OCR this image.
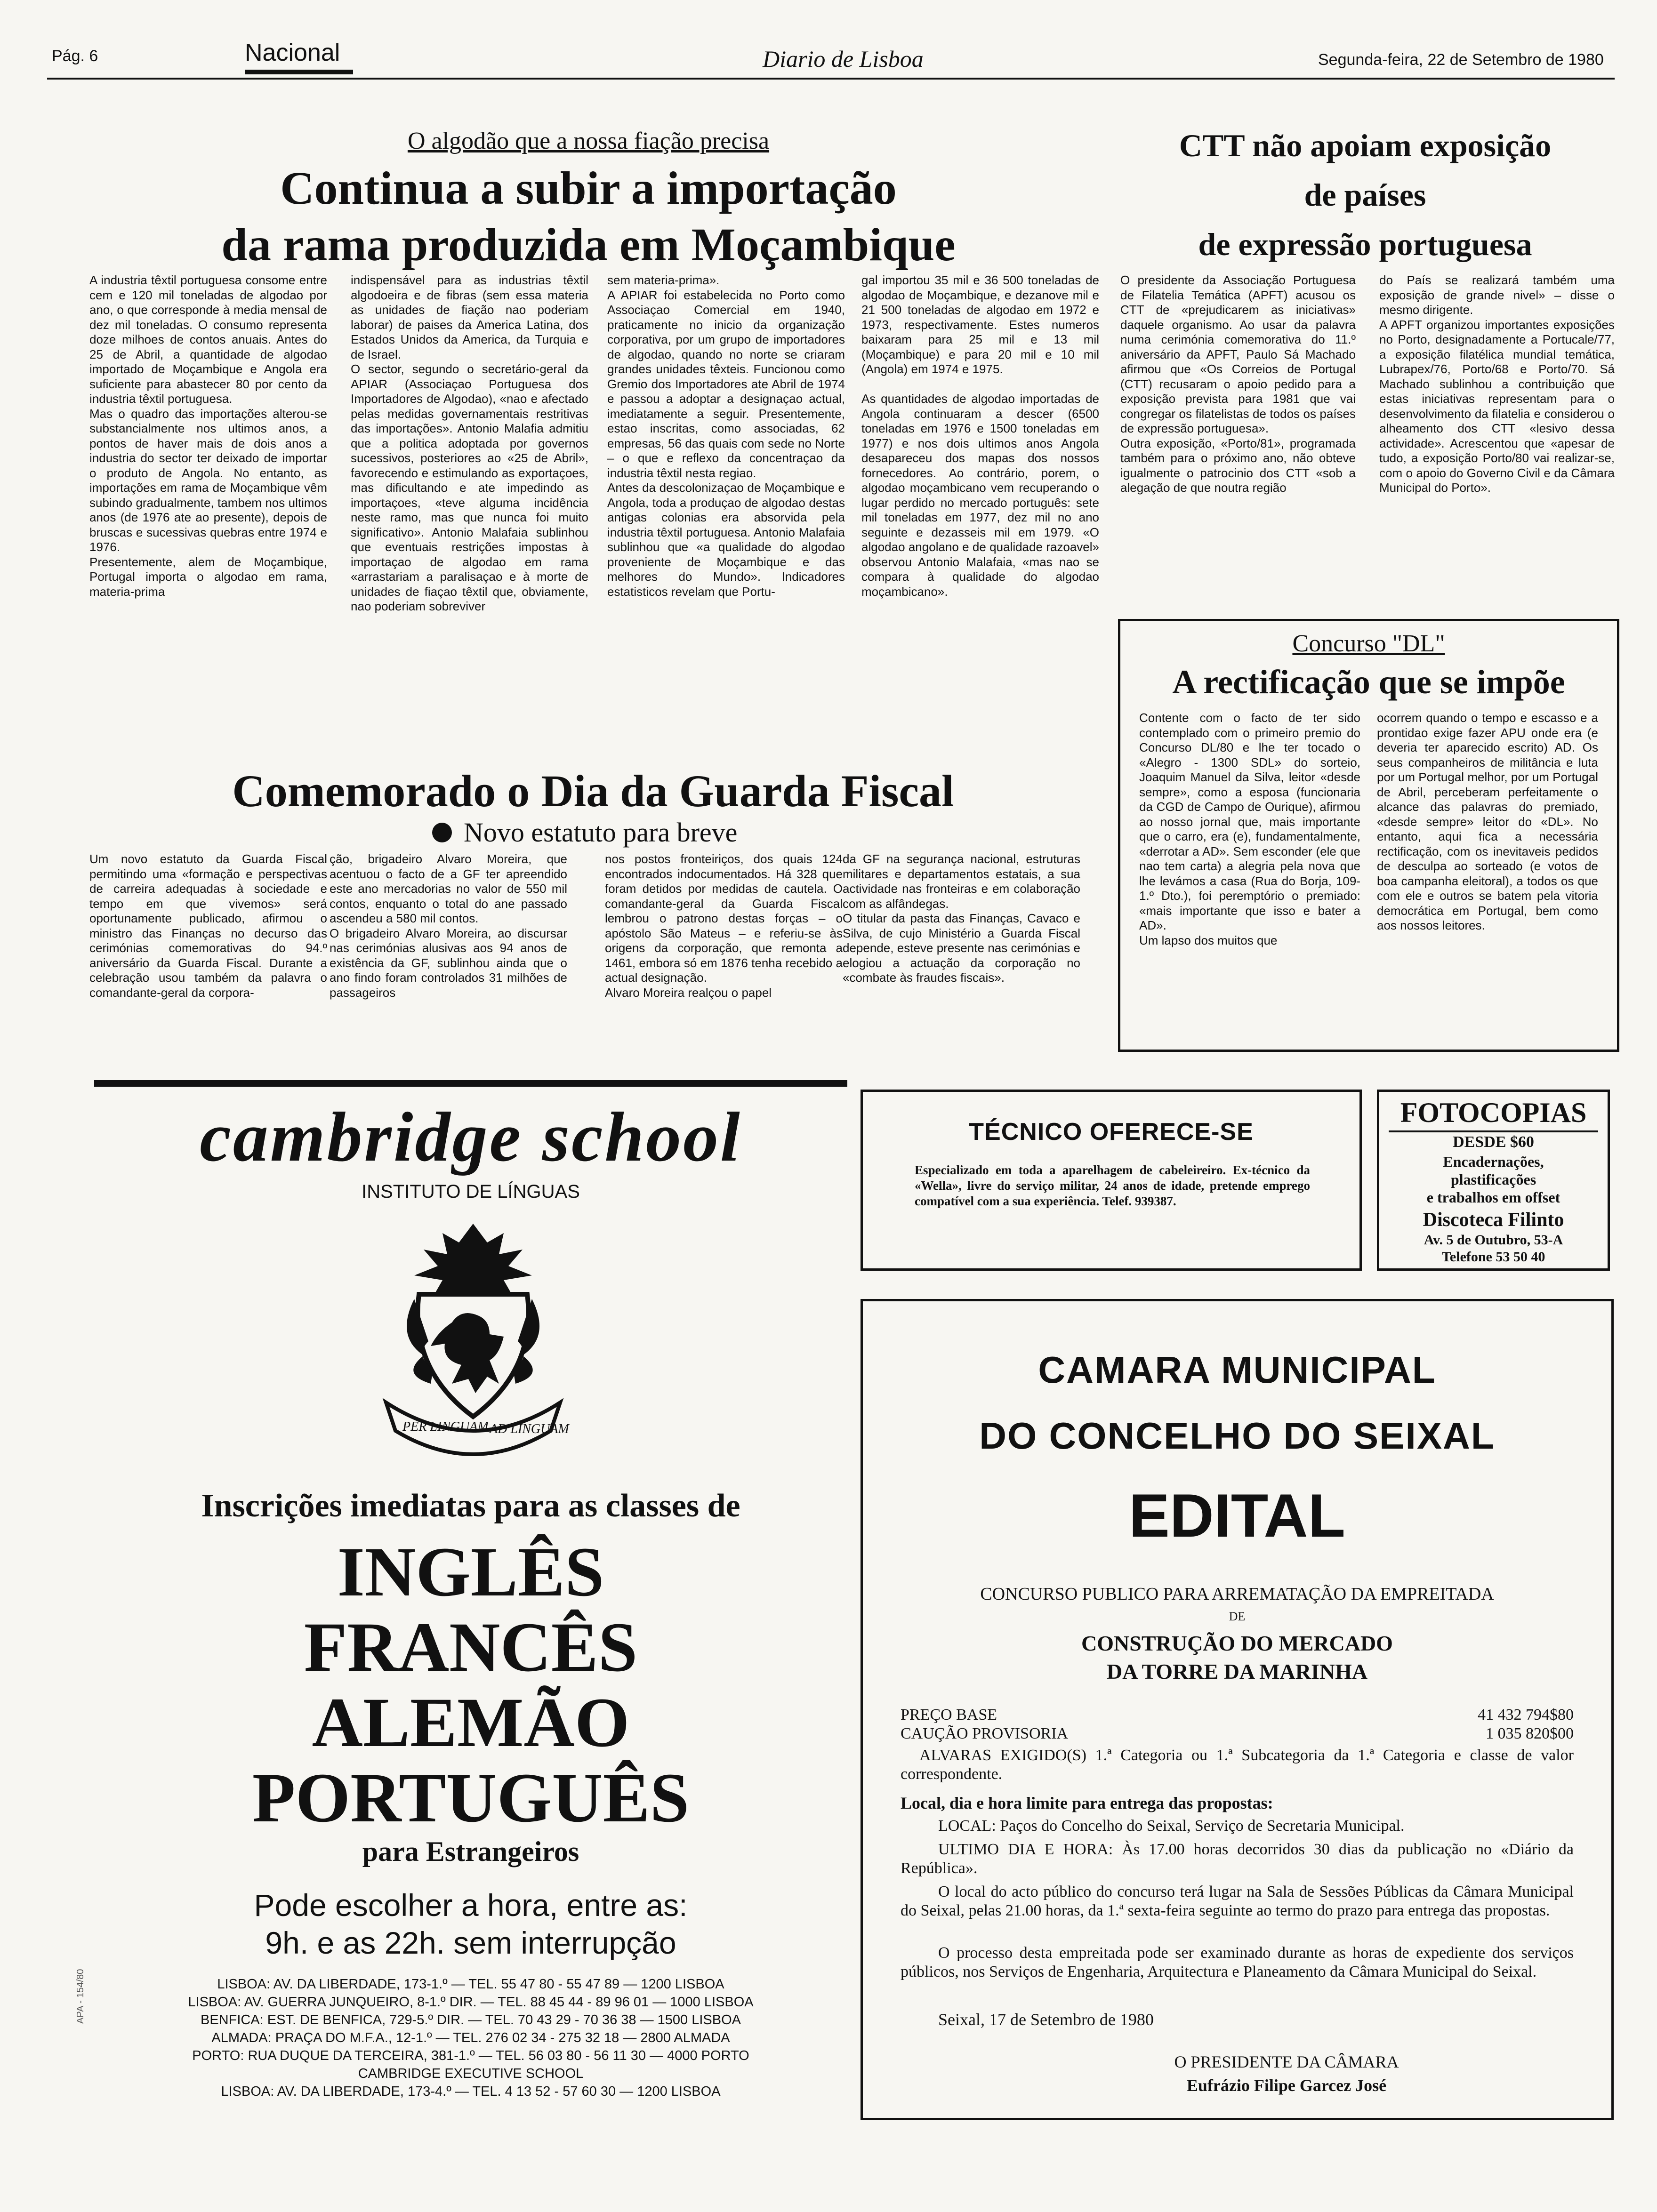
Pág. 6	Nacional	Diario de Lisboa	Segunda-feira, 22 de Setembro de 1980
O algodão que a nossa fiação precisa
Continua a subir a importação
da rama produzida em Moçambique
A industria têxtil portuguesa consome entre cem e 120 mil toneladas de algodao por ano, o que corresponde à media mensal de dez mil toneladas. O consumo representa doze milhoes de contos anuais. Antes do 25 de Abril, a quantidade de algodao importado de Moçambique e Angola era suficiente para abastecer 80 por cento da industria têxtil portuguesa.
Mas o quadro das importações alterou-se substancialmente nos ultimos anos, a pontos de haver mais de dois anos a industria do sector ter deixado de importar o produto de Angola. No entanto, as importações em rama de Moçambique vêm subindo gradualmente, tambem nos ultimos anos (de 1976 ate ao presente), depois de bruscas e sucessivas quebras entre 1974 e 1976.
Presentemente, alem de Moçambique, Portugal importa o algodao em rama, materia-prima
indispensável para as industrias têxtil algodoeira e de fibras (sem essa materia as unidades de fiação nao poderiam laborar) de paises da America Latina, dos Estados Unidos da America, da Turquia e de Israel.
O sector, segundo o secretário-geral da APIAR (Associaçao Portuguesa dos Importadores de Algodao), «nao e afectado pelas medidas governamentais restritivas das importações». Antonio Malafia admitiu que a politica adoptada por governos sucessivos, posteriores ao «25 de Abril», favorecendo e estimulando as exportaçoes, mas dificultando e ate impedindo as importaçoes, «teve alguma incidência neste ramo, mas que nunca foi muito significativo». Antonio Malafaia sublinhou que eventuais restrições impostas à importaçao de algodao em rama «arrastariam a paralisaçao e à morte de unidades de fiaçao têxtil que, obviamente, nao poderiam sobreviver
sem materia-prima».
A APIAR foi estabelecida no Porto como Associaçao Comercial em 1940, praticamente no inicio da organização corporativa, por um grupo de importadores de algodao, quando no norte se criaram grandes unidades têxteis. Funcionou como Gremio dos Importadores ate Abril de 1974 e passou a adoptar a designaçao actual, imediatamente a seguir. Presentemente, estao inscritas, como associadas, 62 empresas, 56 das quais com sede no Norte – o que e reflexo da concentraçao da industria têxtil nesta regiao.
Antes da descolonizaçao de Moçambique e Angola, toda a produçao de algodao destas antigas colonias era absorvida pela industria têxtil portuguesa. Antonio Malafaia sublinhou que «a qualidade do algodao proveniente de Moçambique e das melhores do Mundo». Indicadores estatisticos revelam que Portu-
gal importou 35 mil e 36 500 toneladas de algodao de Moçambique, e dezanove mil e 21 500 toneladas de algodao em 1972 e 1973, respectivamente. Estes numeros baixaram para 25 mil e 13 mil (Moçambique) e para 20 mil e 10 mil (Angola) em 1974 e 1975.

As quantidades de algodao importadas de Angola continuaram a descer (6500 toneladas em 1976 e 1500 toneladas em 1977) e nos dois ultimos anos Angola desapareceu dos mapas dos nossos fornecedores. Ao contrário, porem, o algodao moçambicano vem recuperando o lugar perdido no mercado português: sete mil toneladas em 1977, dez mil no ano seguinte e dezasseis mil em 1979. «O algodao angolano e de qualidade razoavel» observou Antonio Malafaia, «mas nao se compara à qualidade do algodao moçambicano».
CTT não apoiam exposição
de países
de expressão portuguesa
O presidente da Associação Portuguesa de Filatelia Temática (APFT) acusou os CTT de «prejudicarem as iniciativas» daquele organismo. Ao usar da palavra numa cerimónia comemorativa do 11.º aniversário da APFT, Paulo Sá Machado afirmou que «Os Correios de Portugal (CTT) recusaram o apoio pedido para a exposição prevista para 1981 que vai congregar os filatelistas de todos os países de expressão portuguesa».
Outra exposição, «Porto/81», programada também para o próximo ano, não obteve igualmente o patrocinio dos CTT «sob a alegação de que noutra região
do País se realizará também uma exposição de grande nivel» – disse o mesmo dirigente.
A APFT organizou importantes exposições no Porto, designadamente a Portucale/77, a exposição filatélica mundial temática, Lubrapex/76, Porto/68 e Porto/70. Sá Machado sublinhou a contribuição que estas iniciativas representam para o desenvolvimento da filatelia e considerou o alheamento dos CTT «lesivo dessa actividade». Acrescentou que «apesar de tudo, a exposição Porto/80 vai realizar-se, com o apoio do Governo Civil e da Câmara Municipal do Porto».
Concurso "DL"
A rectificação que se impõe
Contente com o facto de ter sido contemplado com o primeiro premio do Concurso DL/80 e lhe ter tocado o «Alegro - 1300 SDL» do sorteio, Joaquim Manuel da Silva, leitor «desde sempre», como a esposa (funcionaria da CGD de Campo de Ourique), afirmou ao nosso jornal que, mais importante que o carro, era (e), fundamentalmente, «derrotar a AD». Sem esconder (ele que nao tem carta) a alegria pela nova que lhe levámos a casa (Rua do Borja, 109-1.º Dto.), foi peremptório o premiado: «mais importante que isso e bater a AD».
Um lapso dos muitos que
ocorrem quando o tempo e escasso e a prontidao exige fazer APU onde era (e deveria ter aparecido escrito) AD. Os seus companheiros de militância e luta por um Portugal melhor, por um Portugal de Abril, perceberam perfeitamente o alcance das palavras do premiado, «desde sempre» leitor do «DL». No entanto, aqui fica a necessária rectificação, com os inevitaveis pedidos de desculpa ao sorteado (e votos de boa campanha eleitoral), a todos os que com ele e outros se batem pela vitoria democrática em Portugal, bem como aos nossos leitores.
Comemorado o Dia da Guarda Fiscal
Novo estatuto para breve
Um novo estatuto da Guarda Fiscal permitindo uma «formação e perspectivas de carreira adequadas à sociedade e tempo em que vivemos» será oportunamente publicado, afirmou o ministro das Finanças no decurso das cerimónias comemorativas do 94.º aniversário da Guarda Fiscal. Durante a celebração usou também da palavra o comandante-geral da corpora-
ção, brigadeiro Alvaro Moreira, que acentuou o facto de a GF ter apreendido este ano mercadorias no valor de 550 mil contos, enquanto o total do ane passado ascendeu a 580 mil contos.
O brigadeiro Alvaro Moreira, ao discursar nas cerimónias alusivas aos 94 anos de existência da GF, sublinhou ainda que o ano findo foram controlados 31 milhões de passageiros
nos postos fronteiriços, dos quais 124 encontrados indocumentados. Há 328 que foram detidos por medidas de cautela. O comandante-geral da Guarda Fiscal lembrou o patrono destas forças – o apóstolo São Mateus – e referiu-se às origens da corporação, que remonta a 1461, embora só em 1876 tenha recebido a actual designação.
Alvaro Moreira realçou o papel
da GF na segurança nacional, estruturas militares e departamentos estatais, a sua actividade nas fronteiras e em colaboração com as alfândegas.
O titular da pasta das Finanças, Cavaco e Silva, de cujo Ministério a Guarda Fiscal depende, esteve presente nas cerimónias e elogiou a actuação da corporação no «combate às fraudes fiscais».
cambridge school
INSTITUTO DE LÍNGUAS
PER LINGUAM AD LINGUAM
Inscrições imediatas para as classes de
INGLÊS
FRANCÊS
ALEMÃO
PORTUGUÊS
para Estrangeiros
Pode escolher a hora, entre as:
9h. e as 22h. sem interrupção
LISBOA: AV. DA LIBERDADE, 173-1.º — TEL. 55 47 80 - 55 47 89 — 1200 LISBOA
LISBOA: AV. GUERRA JUNQUEIRO, 8-1.º DIR. — TEL. 88 45 44 - 89 96 01 — 1000 LISBOA
BENFICA: EST. DE BENFICA, 729-5.º DIR. — TEL. 70 43 29 - 70 36 38 — 1500 LISBOA
ALMADA: PRAÇA DO M.F.A., 12-1.º — TEL. 276 02 34 - 275 32 18 — 2800 ALMADA
PORTO: RUA DUQUE DA TERCEIRA, 381-1.º — TEL. 56 03 80 - 56 11 30 — 4000 PORTO
CAMBRIDGE EXECUTIVE SCHOOL
LISBOA: AV. DA LIBERDADE, 173-4.º — TEL. 4 13 52 - 57 60 30 — 1200 LISBOA
APA - 154/80
TÉCNICO OFERECE-SE
Especializado em toda a aparelhagem de cabeleireiro. Ex-técnico da «Wella», livre do serviço militar, 24 anos de idade, pretende emprego compatível com a sua experiência. Telef. 939387.
FOTOCOPIAS
DESDE $60
Encadernações,
plastificações
e trabalhos em offset
Discoteca Filinto
Av. 5 de Outubro, 53-A
Telefone 53 50 40
CAMARA MUNICIPAL
DO CONCELHO DO SEIXAL
EDITAL
CONCURSO PUBLICO PARA ARREMATAÇÃO DA EMPREITADA
DE
CONSTRUÇÃO DO MERCADO
DA TORRE DA MARINHA
PREÇO BASE	41 432 794$80
CAUÇÃO PROVISORIA	1 035 820$00
ALVARAS EXIGIDO(S) 1.ª Categoria ou 1.ª Subcategoria da 1.ª Categoria e classe de valor correspondente.
Local, dia e hora limite para entrega das propostas:
LOCAL: Paços do Concelho do Seixal, Serviço de Secretaria Municipal.
ULTIMO DIA E HORA: Às 17.00 horas decorridos 30 dias da publicação no «Diário da República».
O local do acto público do concurso terá lugar na Sala de Sessões Públicas da Câmara Municipal do Seixal, pelas 21.00 horas, da 1.ª sexta-feira seguinte ao termo do prazo para entrega das propostas.
O processo desta empreitada pode ser examinado durante as horas de expediente dos serviços públicos, nos Serviços de Engenharia, Arquitectura e Planeamento da Câmara Municipal do Seixal.
Seixal, 17 de Setembro de 1980
O PRESIDENTE DA CÂMARA
Eufrázio Filipe Garcez José
